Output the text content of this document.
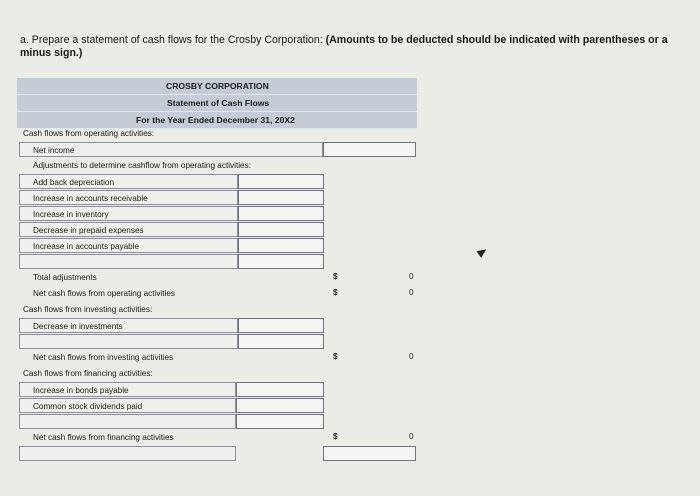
a. Prepare a statement of cash flows for the Crosby Corporation: (Amounts to be deducted should be indicated with parentheses or a minus sign.)
CROSBY CORPORATION
Statement of Cash Flows
For the Year Ended December 31, 20X2
Cash flows from operating activities:
Net income
Adjustments to determine cashflow from operating activities:
Add back depreciation
Increase in accounts receivable
Increase in inventory
Decrease in prepaid expenses
Increase in accounts payable
Total adjustments	$	0
Net cash flows from operating activities	$	0
Cash flows from investing activities:
Decrease in investments
Net cash flows from investing activities	$	0
Cash flows from financing activities:
Increase in bonds payable
Common stock dividends paid
Net cash flows from financing activities	$	0
